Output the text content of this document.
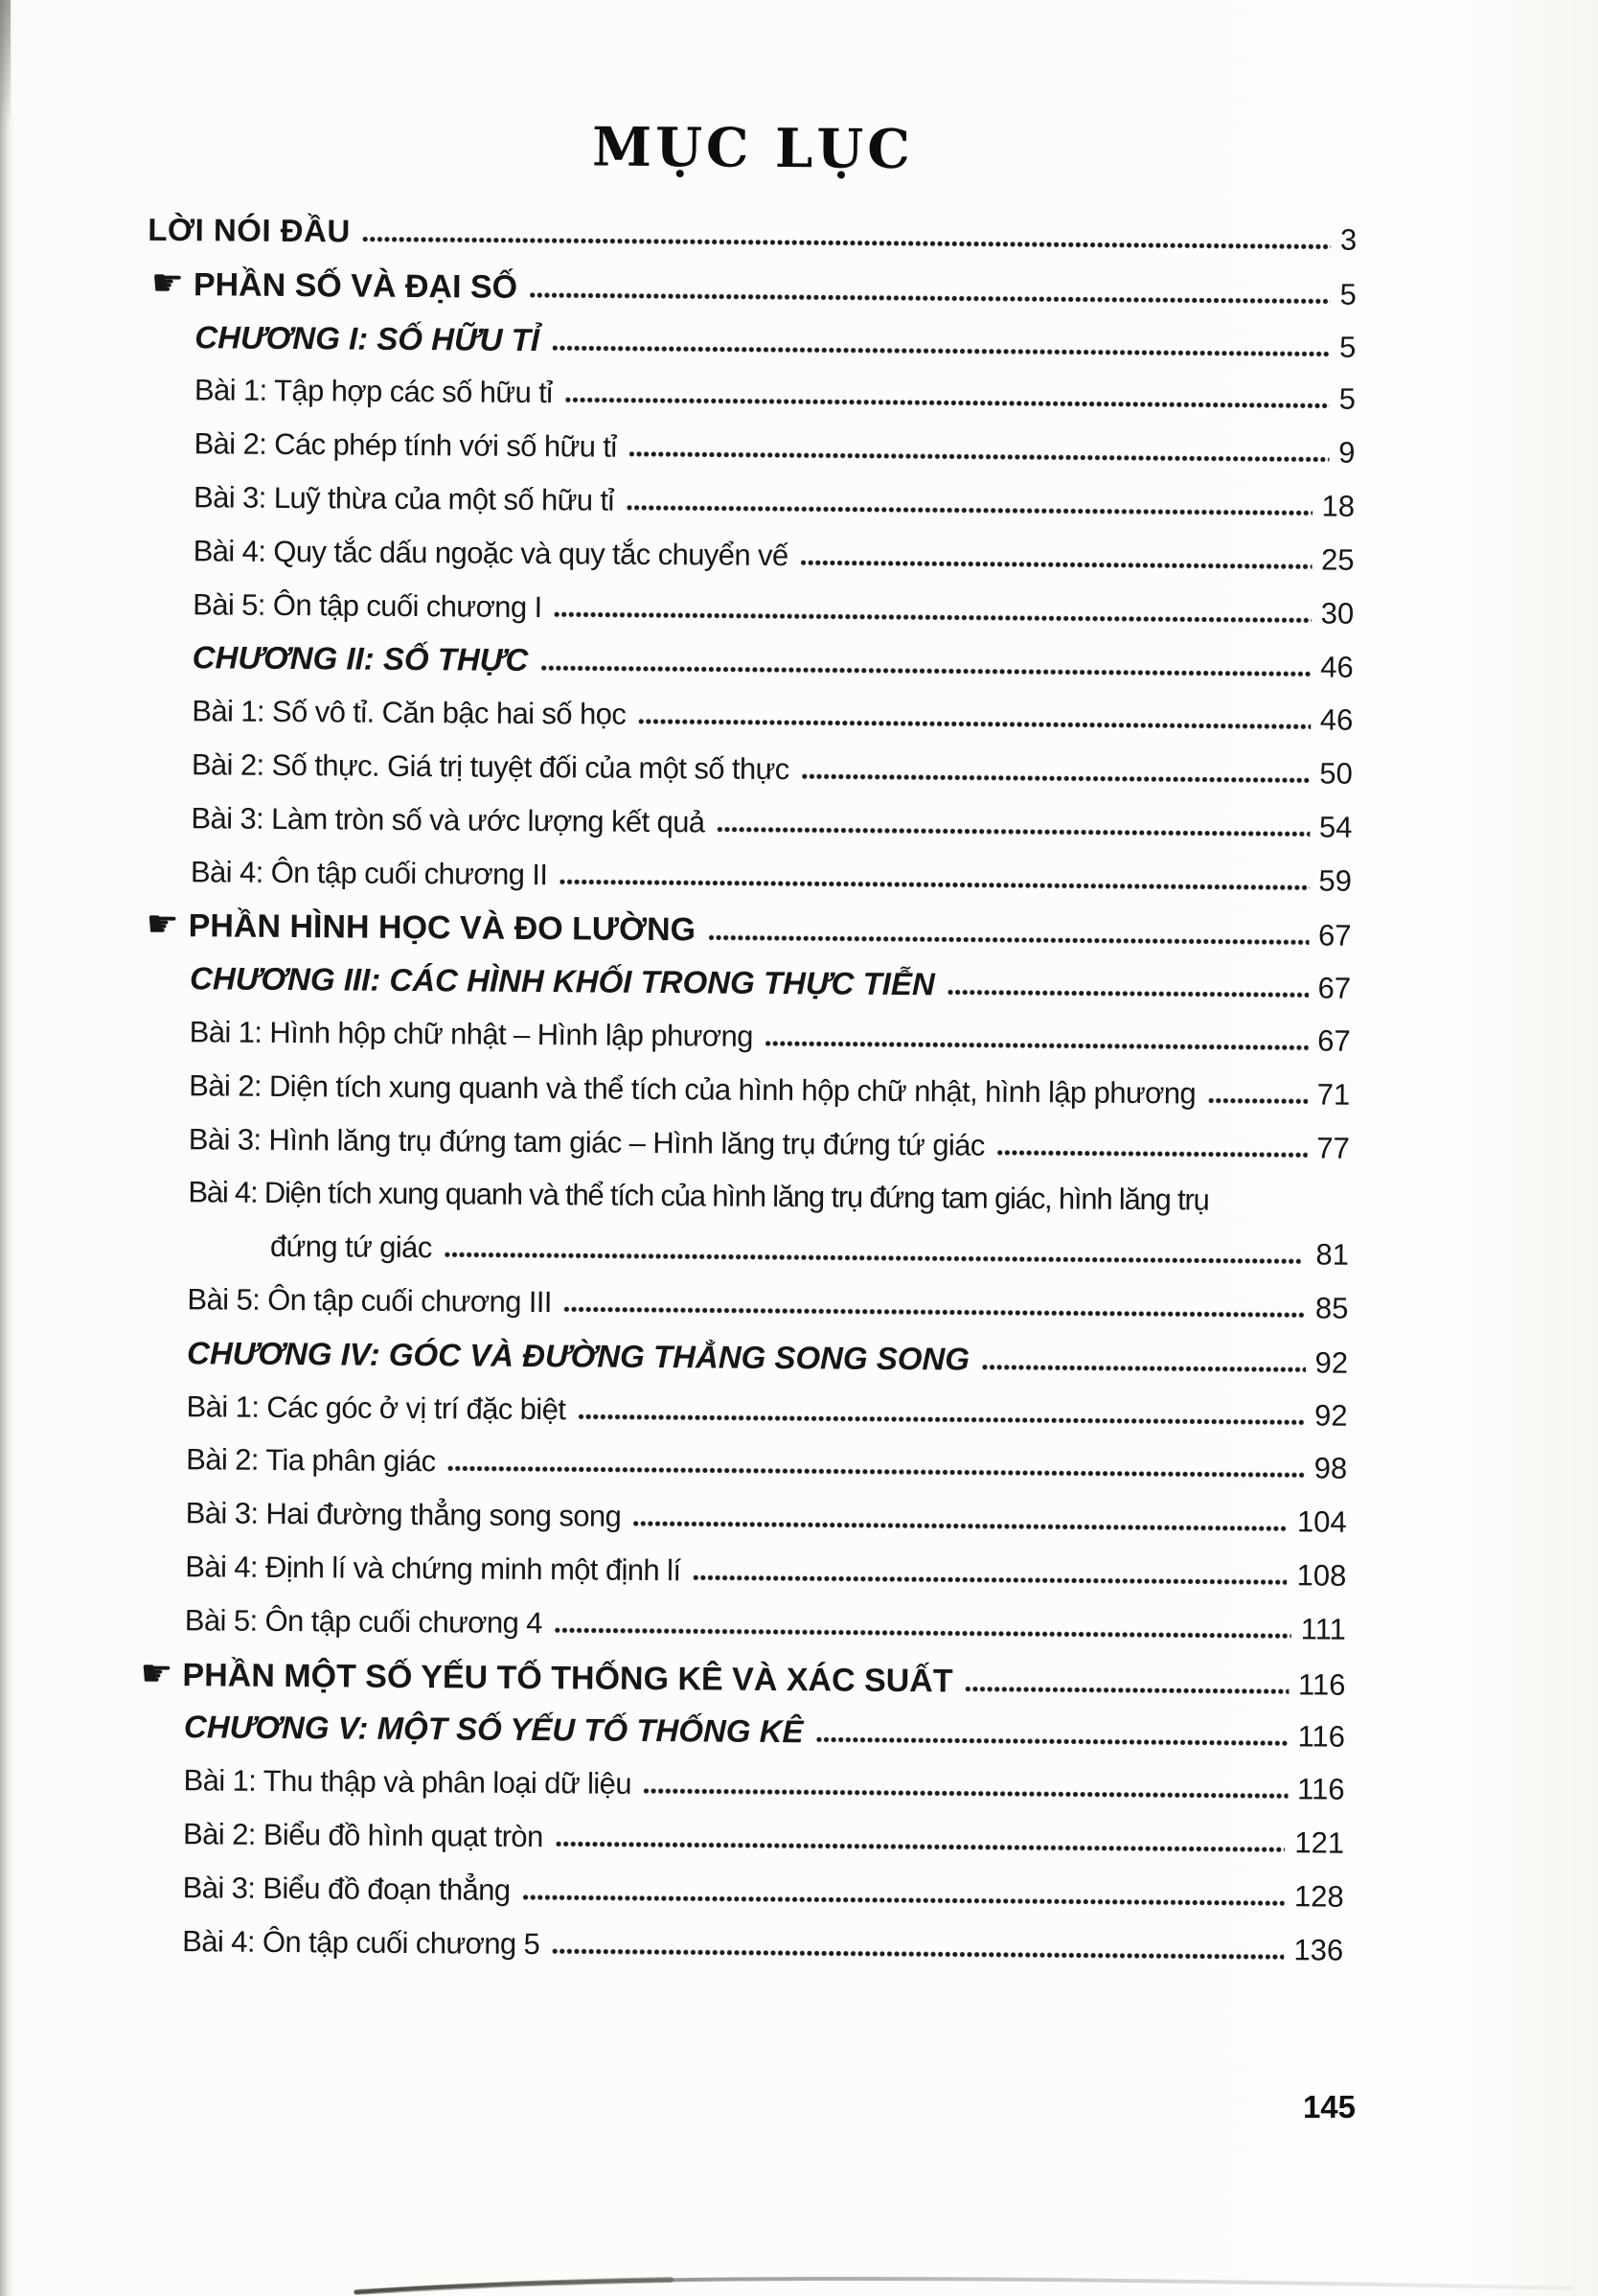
MỤC LỤC
LỜI NÓI ĐẦU	3
☛ PHẦN SỐ VÀ ĐẠI SỐ	5
CHƯƠNG I: SỐ HỮU TỈ	5
Bài 1: Tập hợp các số hữu tỉ	5
Bài 2: Các phép tính với số hữu tỉ	9
Bài 3: Luỹ thừa của một số hữu tỉ	18
Bài 4: Quy tắc dấu ngoặc và quy tắc chuyển vế	25
Bài 5: Ôn tập cuối chương I	30
CHƯƠNG II: SỐ THỰC	46
Bài 1: Số vô tỉ. Căn bậc hai số học	46
Bài 2: Số thực. Giá trị tuyệt đối của một số thực	50
Bài 3: Làm tròn số và ước lượng kết quả	54
Bài 4: Ôn tập cuối chương II	59
☛ PHẦN HÌNH HỌC VÀ ĐO LƯỜNG	67
CHƯƠNG III: CÁC HÌNH KHỐI TRONG THỰC TIỄN	67
Bài 1: Hình hộp chữ nhật – Hình lập phương	67
Bài 2: Diện tích xung quanh và thể tích của hình hộp chữ nhật, hình lập phương	71
Bài 3: Hình lăng trụ đứng tam giác – Hình lăng trụ đứng tứ giác	77
Bài 4: Diện tích xung quanh và thể tích của hình lăng trụ đứng tam giác, hình lăng trụ
đứng tứ giác	81
Bài 5: Ôn tập cuối chương III	85
CHƯƠNG IV: GÓC VÀ ĐƯỜNG THẲNG SONG SONG	92
Bài 1: Các góc ở vị trí đặc biệt	92
Bài 2: Tia phân giác	98
Bài 3: Hai đường thẳng song song	104
Bài 4: Định lí và chứng minh một định lí	108
Bài 5: Ôn tập cuối chương 4	111
☛ PHẦN MỘT SỐ YẾU TỐ THỐNG KÊ VÀ XÁC SUẤT	116
CHƯƠNG V: MỘT SỐ YẾU TỐ THỐNG KÊ	116
Bài 1: Thu thập và phân loại dữ liệu	116
Bài 2: Biểu đồ hình quạt tròn	121
Bài 3: Biểu đồ đoạn thẳng	128
Bài 4: Ôn tập cuối chương 5	136
145
